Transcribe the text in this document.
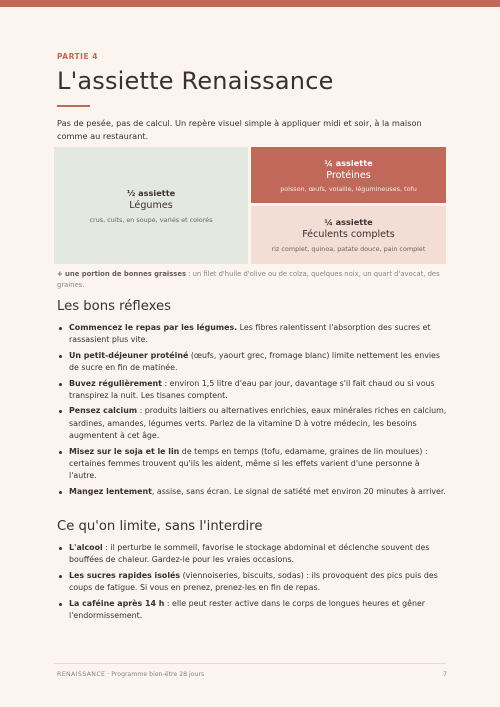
PARTIE 4
L'assiette Renaissance

Pas de pesée, pas de calcul. Un repère visuel simple à appliquer midi et soir, à la maison comme au restaurant.

½ assiette
Légumes
crus, cuits, en soupe, variés et colorés
¼ assiette
Protéines
poisson, œufs, volaille, légumineuses, tofu
¼ assiette
Féculents complets
riz complet, quinoa, patate douce, pain complet

+ une portion de bonnes graisses : un filet d'huile d'olive ou de colza, quelques noix, un quart d'avocat, des graines.

Les bons réflexes
Commencez le repas par les légumes. Les fibres ralentissent l'absorption des sucres et rassasient plus vite.
Un petit-déjeuner protéiné (œufs, yaourt grec, fromage blanc) limite nettement les envies de sucre en fin de matinée.
Buvez régulièrement : environ 1,5 litre d'eau par jour, davantage s'il fait chaud ou si vous transpirez la nuit. Les tisanes comptent.
Pensez calcium : produits laitiers ou alternatives enrichies, eaux minérales riches en calcium, sardines, amandes, légumes verts. Parlez de la vitamine D à votre médecin, les besoins augmentent à cet âge.
Misez sur le soja et le lin de temps en temps (tofu, edamame, graines de lin moulues) : certaines femmes trouvent qu'ils les aident, même si les effets varient d'une personne à l'autre.
Mangez lentement, assise, sans écran. Le signal de satiété met environ 20 minutes à arriver.
Ce qu'on limite, sans l'interdire
L'alcool : il perturbe le sommeil, favorise le stockage abdominal et déclenche souvent des bouffées de chaleur. Gardez-le pour les vraies occasions.
Les sucres rapides isolés (viennoiseries, biscuits, sodas) : ils provoquent des pics puis des coups de fatigue. Si vous en prenez, prenez-les en fin de repas.
La caféine après 14 h : elle peut rester active dans le corps de longues heures et gêner l'endormissement.
RENAISSANCE · Programme bien-être 28 jours	7
